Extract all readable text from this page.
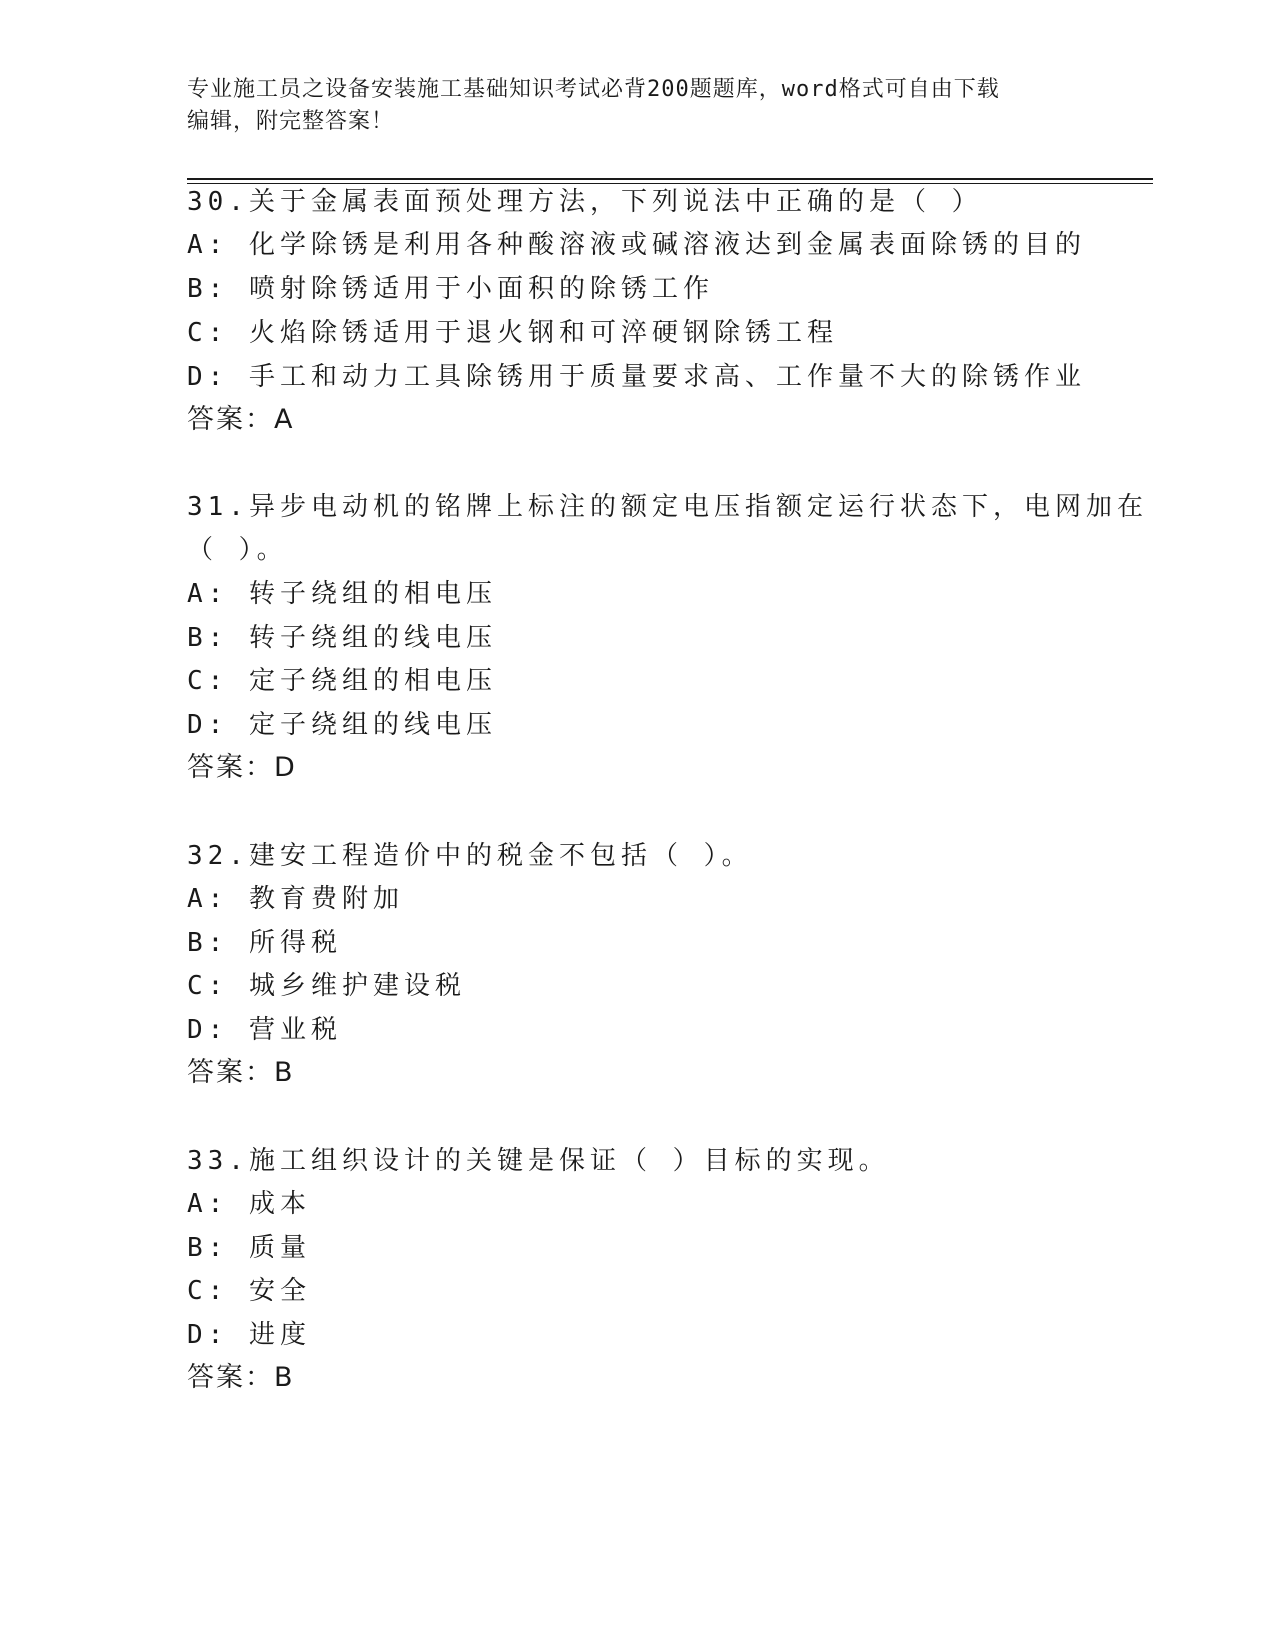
专业施工员之设备安装施工基础知识考试必背200题题库，word格式可自由下载
编辑，附完整答案！
30.关于金属表面预处理方法，下列说法中正确的是（ ）
A: 化学除锈是利用各种酸溶液或碱溶液达到金属表面除锈的目的
B: 喷射除锈适用于小面积的除锈工作
C: 火焰除锈适用于退火钢和可淬硬钢除锈工程
D: 手工和动力工具除锈用于质量要求高、工作量不大的除锈作业
答案：A
31.异步电动机的铭牌上标注的额定电压指额定运行状态下，电网加在
（ ）。
A: 转子绕组的相电压
B: 转子绕组的线电压
C: 定子绕组的相电压
D: 定子绕组的线电压
答案：D
32.建安工程造价中的税金不包括（ ）。
A: 教育费附加
B: 所得税
C: 城乡维护建设税
D: 营业税
答案：B
33.施工组织设计的关键是保证（ ）目标的实现。
A: 成本
B: 质量
C: 安全
D: 进度
答案：B
